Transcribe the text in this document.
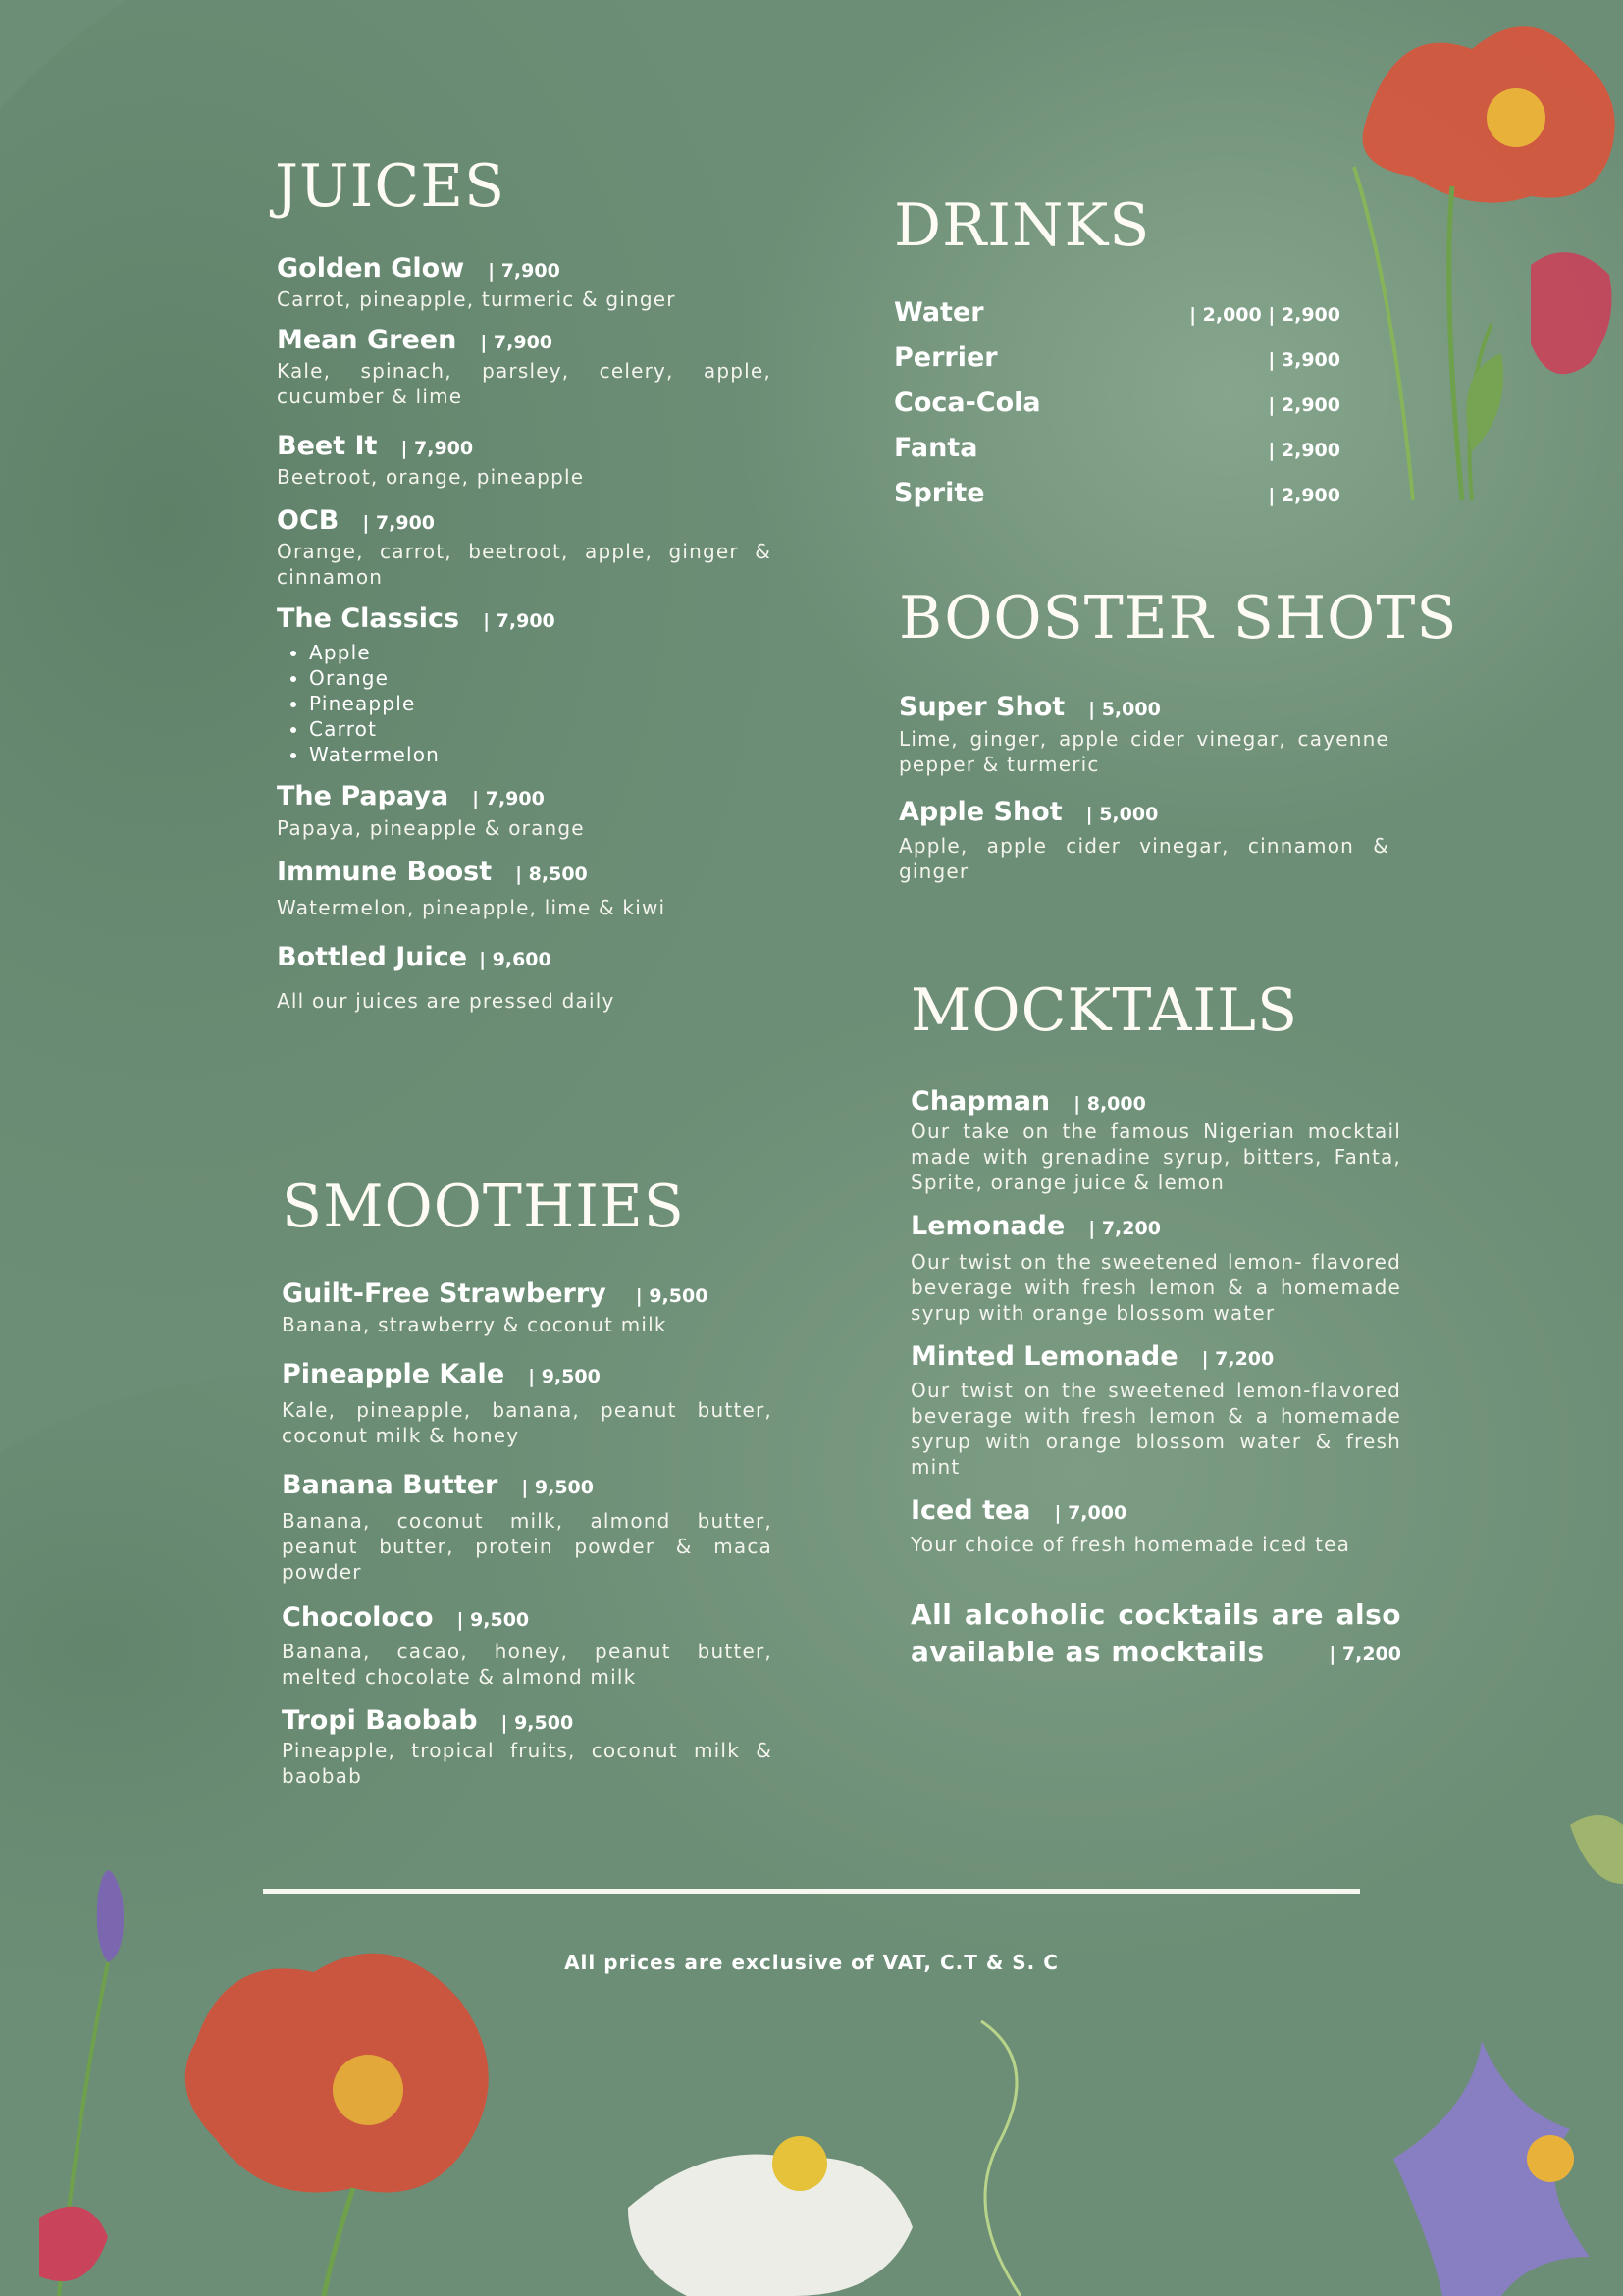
JUICES
Golden Glow | 7,900
Carrot, pineapple, turmeric & ginger
Mean Green | 7,900
Kale, spinach, parsley, celery, apple, cucumber & lime
Beet It | 7,900
Beetroot, orange, pineapple
OCB | 7,900
Orange, carrot, beetroot, apple, ginger & cinnamon
The Classics | 7,900
• Apple
• Orange
• Pineapple
• Carrot
• Watermelon
The Papaya | 7,900
Papaya, pineapple & orange
Immune Boost | 8,500
Watermelon, pineapple, lime & kiwi
Bottled Juice | 9,600
All our juices are pressed daily
SMOOTHIES
Guilt-Free Strawberry | 9,500
Banana, strawberry & coconut milk
Pineapple Kale | 9,500
Kale, pineapple, banana, peanut butter, coconut milk & honey
Banana Butter | 9,500
Banana, coconut milk, almond butter, peanut butter, protein powder & maca powder
Chocoloco | 9,500
Banana, cacao, honey, peanut butter, melted chocolate & almond milk
Tropi Baobab | 9,500
Pineapple, tropical fruits, coconut milk & baobab
DRINKS
Water	| 2,000 | 2,900
Perrier	| 3,900
Coca-Cola	| 2,900
Fanta	| 2,900
Sprite	| 2,900
BOOSTER SHOTS
Super Shot | 5,000
Lime, ginger, apple cider vinegar, cayenne pepper & turmeric
Apple Shot | 5,000
Apple, apple cider vinegar, cinnamon & ginger
MOCKTAILS
Chapman | 8,000
Our take on the famous Nigerian mocktail made with grenadine syrup, bitters, Fanta, Sprite, orange juice & lemon
Lemonade | 7,200
Our twist on the sweetened lemon- flavored beverage with fresh lemon & a homemade syrup with orange blossom water
Minted Lemonade | 7,200
Our twist on the sweetened lemon-flavored beverage with fresh lemon & a homemade syrup with orange blossom water & fresh mint
Iced tea | 7,000
Your choice of fresh homemade iced tea
All alcoholic cocktails are also available as mocktails	| 7,200
All prices are exclusive of VAT, C.T & S. C
